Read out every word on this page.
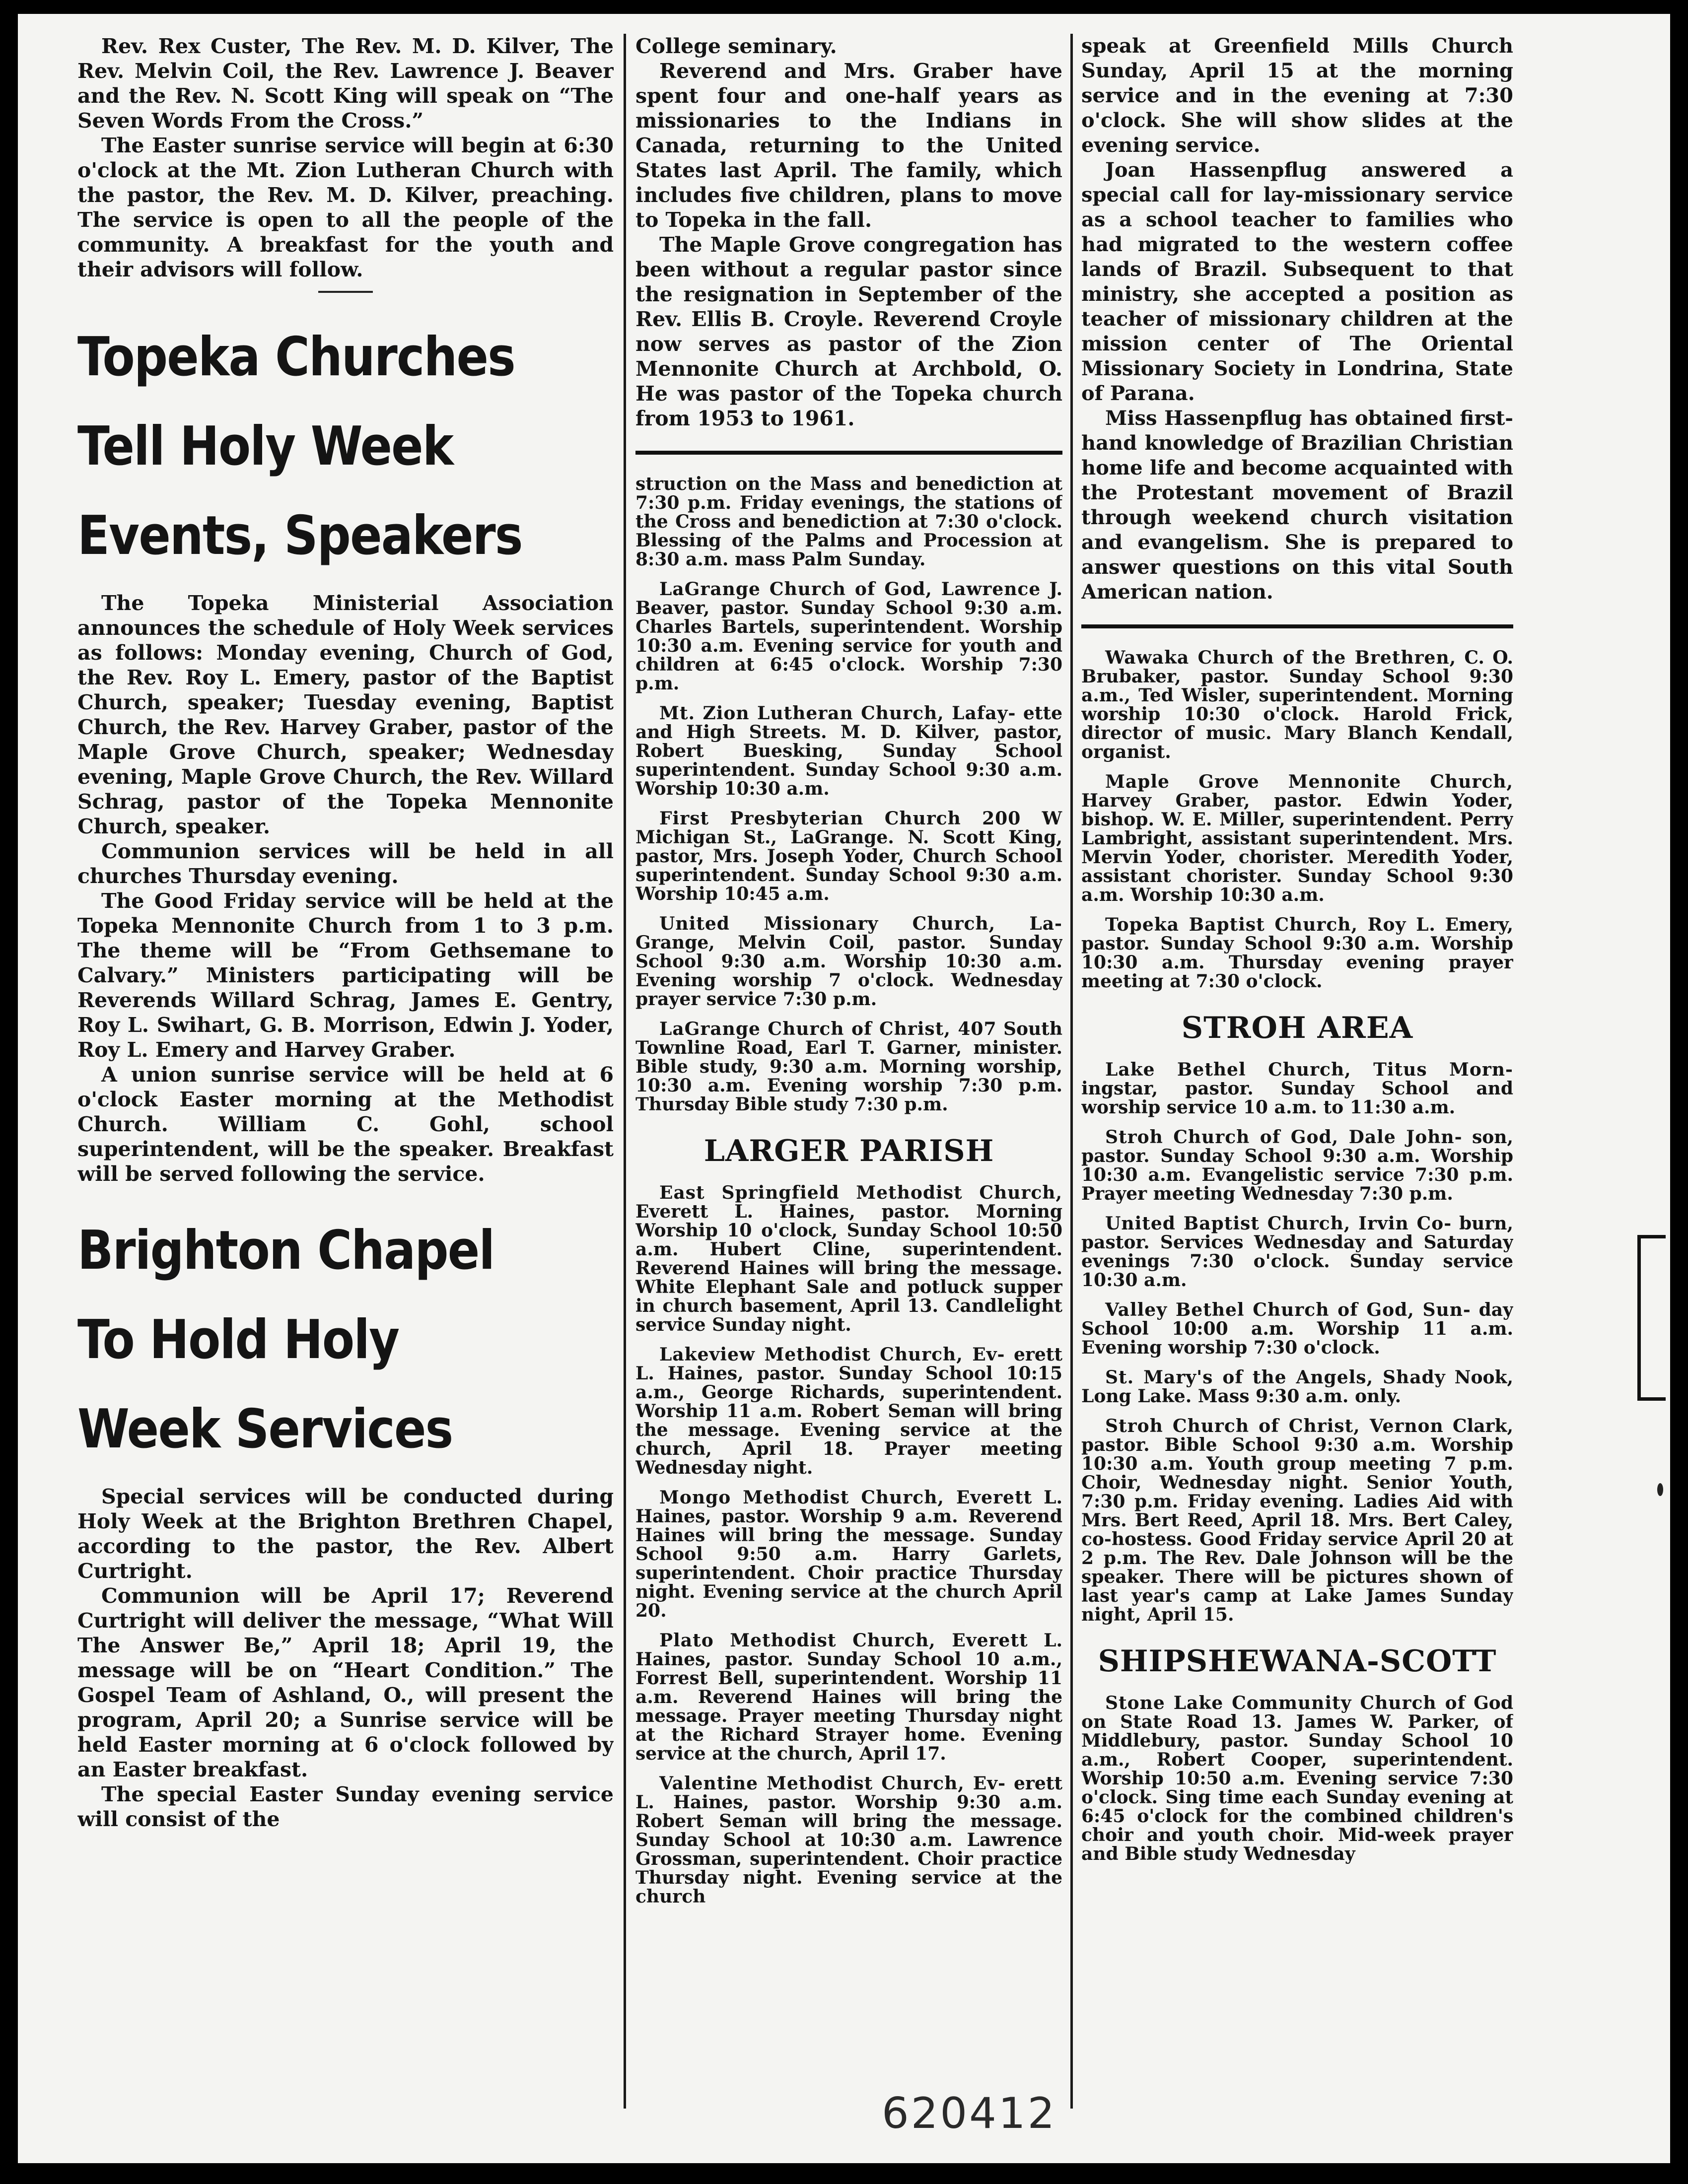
Rev. Rex Custer, The Rev. M. D. Kilver, The Rev. Melvin Coil, the Rev. Lawrence J. Beaver and the Rev. N. Scott King will speak on “The Seven Words From the Cross.”

The Easter sunrise service will begin at 6:30 o'clock at the Mt. Zion Lutheran Church with the pastor, the Rev. M. D. Kilver, preaching. The service is open to all the people of the community. A breakfast for the youth and their advisors will follow.

Topeka Churches
Tell Holy Week
Events, Speakers

The Topeka Ministerial Association announces the schedule of Holy Week services as follows: Monday evening, Church of God, the Rev. Roy L. Emery, pastor of the Baptist Church, speaker; Tuesday evening, Baptist Church, the Rev. Harvey Graber, pastor of the Maple Grove Church, speaker; Wednesday evening, Maple Grove Church, the Rev. Willard Schrag, pastor of the Topeka Mennonite Church, speaker.

Communion services will be held in all churches Thursday evening.

The Good Friday service will be held at the Topeka Mennonite Church from 1 to 3 p.m. The theme will be “From Gethsemane to Calvary.” Ministers participating will be Reverends Willard Schrag, James E. Gentry, Roy L. Swihart, G. B. Morrison, Edwin J. Yoder, Roy L. Emery and Harvey Graber.

A union sunrise service will be held at 6 o'clock Easter morning at the Methodist Church. William C. Gohl, school superintendent, will be the speaker. Breakfast will be served following the service.

Brighton Chapel
To Hold Holy
Week Services

Special services will be conducted during Holy Week at the Brighton Brethren Chapel, according to the pastor, the Rev. Albert Curtright.

Communion will be April 17; Reverend Curtright will deliver the message, “What Will The Answer Be,” April 18; April 19, the message will be on “Heart Condition.” The Gospel Team of Ashland, O., will present the program, April 20; a Sunrise service will be held Easter morning at 6 o'clock followed by an Easter breakfast.

The special Easter Sunday evening service will consist of the

College seminary.

Reverend and Mrs. Graber have spent four and one-half years as missionaries to the Indians in Canada, returning to the United States last April. The family, which includes five children, plans to move to Topeka in the fall.

The Maple Grove congregation has been without a regular pastor since the resignation in September of the Rev. Ellis B. Croyle. Reverend Croyle now serves as pastor of the Zion Mennonite Church at Archbold, O. He was pastor of the Topeka church from 1953 to 1961.

struction on the Mass and benediction at 7:30 p.m. Friday evenings, the stations of the Cross and benediction at 7:30 o'clock. Blessing of the Palms and Procession at 8:30 a.m. mass Palm Sunday.

LaGrange Church of God, Lawrence J. Beaver, pastor. Sunday School 9:30 a.m. Charles Bartels, superintendent. Worship 10:30 a.m. Evening service for youth and children at 6:45 o'clock. Worship 7:30 p.m.

Mt. Zion Lutheran Church, Lafay- ette and High Streets. M. D. Kilver, pastor, Robert Buesking, Sunday School superintendent. Sunday School 9:30 a.m. Worship 10:30 a.m.

First Presbyterian Church 200 W Michigan St., LaGrange. N. Scott King, pastor, Mrs. Joseph Yoder, Church School superintendent. Sunday School 9:30 a.m. Worship 10:45 a.m.

United Missionary Church, La- Grange, Melvin Coil, pastor. Sunday School 9:30 a.m. Worship 10:30 a.m. Evening worship 7 o'clock. Wednesday prayer service 7:30 p.m.

LaGrange Church of Christ, 407 South Townline Road, Earl T. Garner, minister. Bible study, 9:30 a.m. Morning worship, 10:30 a.m. Evening worship 7:30 p.m. Thursday Bible study 7:30 p.m.

LARGER PARISH

East Springfield Methodist Church, Everett L. Haines, pastor. Morning Worship 10 o'clock, Sunday School 10:50 a.m. Hubert Cline, superintendent. Reverend Haines will bring the message. White Elephant Sale and potluck supper in church basement, April 13. Candlelight service Sunday night.

Lakeview Methodist Church, Ev- erett L. Haines, pastor. Sunday School 10:15 a.m., George Richards, superintendent. Worship 11 a.m. Robert Seman will bring the message. Evening service at the church, April 18. Prayer meeting Wednesday night.

Mongo Methodist Church, Everett L. Haines, pastor. Worship 9 a.m. Reverend Haines will bring the message. Sunday School 9:50 a.m. Harry Garlets, superintendent. Choir practice Thursday night. Evening service at the church April 20.

Plato Methodist Church, Everett L. Haines, pastor. Sunday School 10 a.m., Forrest Bell, superintendent. Worship 11 a.m. Reverend Haines will bring the message. Prayer meeting Thursday night at the Richard Strayer home. Evening service at the church, April 17.

Valentine Methodist Church, Ev- erett L. Haines, pastor. Worship 9:30 a.m. Robert Seman will bring the message. Sunday School at 10:30 a.m. Lawrence Grossman, superintendent. Choir practice Thursday night. Evening service at the church

speak at Greenfield Mills Church Sunday, April 15 at the morning service and in the evening at 7:30 o'clock. She will show slides at the evening service.

Joan Hassenpflug answered a special call for lay-missionary service as a school teacher to families who had migrated to the western coffee lands of Brazil. Subsequent to that ministry, she accepted a position as teacher of missionary children at the mission center of The Oriental Missionary Society in Londrina, State of Parana.

Miss Hassenpflug has obtained first-hand knowledge of Brazilian Christian home life and become acquainted with the Protestant movement of Brazil through weekend church visitation and evangelism. She is prepared to answer questions on this vital South American nation.

Wawaka Church of the Brethren, C. O. Brubaker, pastor. Sunday School 9:30 a.m., Ted Wisler, superintendent. Morning worship 10:30 o'clock. Harold Frick, director of music. Mary Blanch Kendall, organist.

Maple Grove Mennonite Church, Harvey Graber, pastor. Edwin Yoder, bishop. W. E. Miller, superintendent. Perry Lambright, assistant superintendent. Mrs. Mervin Yoder, chorister. Meredith Yoder, assistant chorister. Sunday School 9:30 a.m. Worship 10:30 a.m.

Topeka Baptist Church, Roy L. Emery, pastor. Sunday School 9:30 a.m. Worship 10:30 a.m. Thursday evening prayer meeting at 7:30 o'clock.

STROH AREA

Lake Bethel Church, Titus Morn- ingstar, pastor. Sunday School and worship service 10 a.m. to 11:30 a.m.

Stroh Church of God, Dale John- son, pastor. Sunday School 9:30 a.m. Worship 10:30 a.m. Evangelistic service 7:30 p.m. Prayer meeting Wednesday 7:30 p.m.

United Baptist Church, Irvin Co- burn, pastor. Services Wednesday and Saturday evenings 7:30 o'clock. Sunday service 10:30 a.m.

Valley Bethel Church of God, Sun- day School 10:00 a.m. Worship 11 a.m. Evening worship 7:30 o'clock.

St. Mary's of the Angels, Shady Nook, Long Lake. Mass 9:30 a.m. only.

Stroh Church of Christ, Vernon Clark, pastor. Bible School 9:30 a.m. Worship 10:30 a.m. Youth group meeting 7 p.m. Choir, Wednesday night. Senior Youth, 7:30 p.m. Friday evening. Ladies Aid with Mrs. Bert Reed, April 18. Mrs. Bert Caley, co-hostess. Good Friday service April 20 at 2 p.m. The Rev. Dale Johnson will be the speaker. There will be pictures shown of last year's camp at Lake James Sunday night, April 15.

SHIPSHEWANA-SCOTT

Stone Lake Community Church of God on State Road 13. James W. Parker, of Middlebury, pastor. Sunday School 10 a.m., Robert Cooper, superintendent. Worship 10:50 a.m. Evening service 7:30 o'clock. Sing time each Sunday evening at 6:45 o'clock for the combined children's choir and youth choir. Mid-week prayer and Bible study Wednesday

620412
